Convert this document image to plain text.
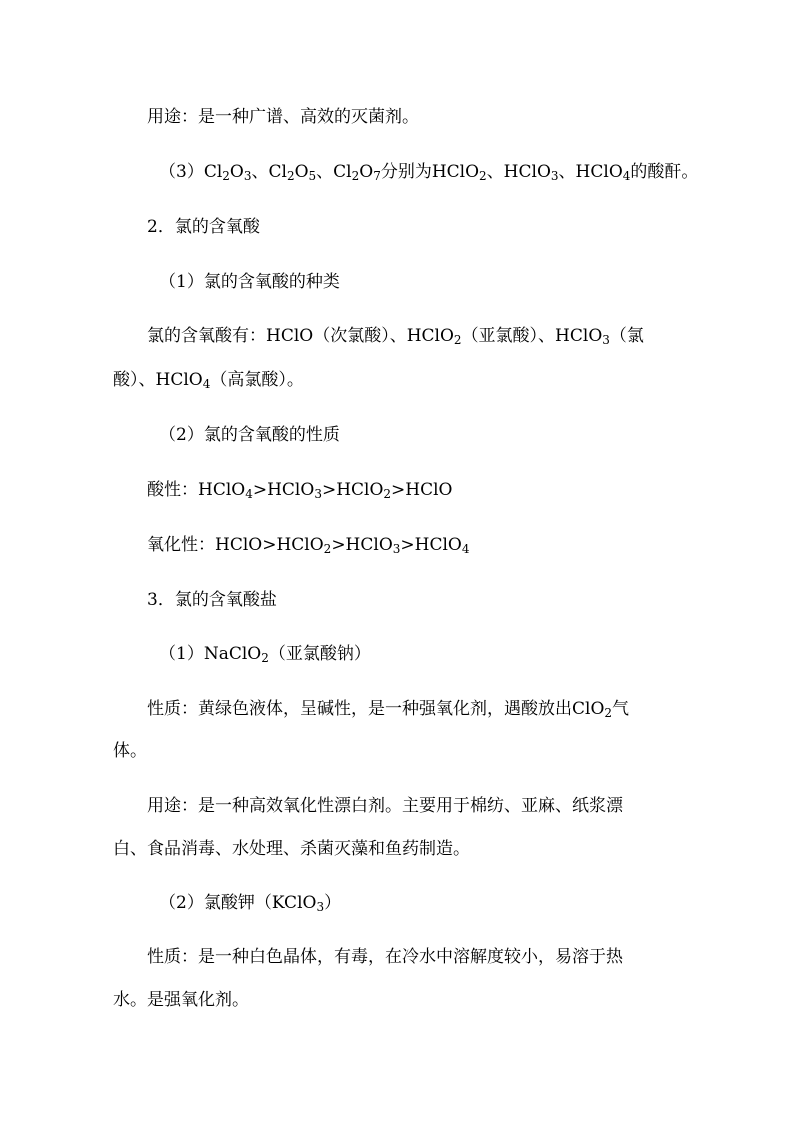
用途：是一种广谱、高效的灭菌剂。
$(3)Cl_2O_3$、$Cl_2O_5$、$Cl_2O_7$分别为HClO$_2$、HClO$_3$、HClO$_4$的酸酐。
2．氯的含氧酸
（1）氯的含氧酸的种类
氯的含氧酸有：HClO（次氯酸）、HClO$_2$（亚氯酸）、HClO$_3$（氯
酸）、HClO$_4$（高氯酸）。
（2）氯的含氧酸的性质
酸性：HClO$_4$>HClO$_3$>HClO$_2$>HClO
氧化性：HClO>HClO$_2$>HClO$_3$>HClO$_4$
3．氯的含氧酸盐
（1）NaClO$_2$（亚氯酸钠）
性质：黄绿色液体，呈碱性，是一种强氧化剂，遇酸放出ClO$_2$气
体。
用途：是一种高效氧化性漂白剂。主要用于棉纺、亚麻、纸浆漂
白、食品消毒、水处理、杀菌灭藻和鱼药制造。
（2）氯酸钾（KClO$_3$）
性质：是一种白色晶体，有毒，在冷水中溶解度较小，易溶于热
水。是强氧化剂。
